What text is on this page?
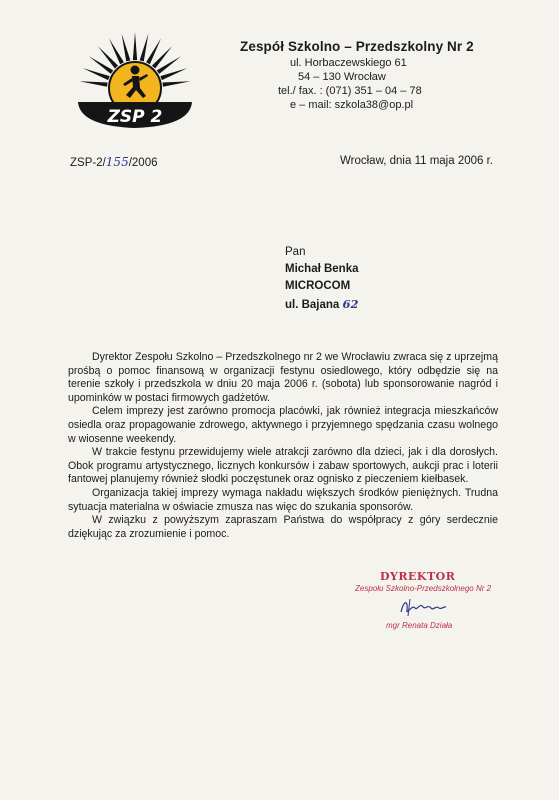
ZSP 2
Zespół Szkolno – Przedszkolny Nr 2
ul. Horbaczewskiego 61
54 – 130 Wrocław
tel./ fax. : (071) 351 – 04 – 78
e – mail: szkola38@op.pl
ZSP-2/155/2006	Wrocław, dnia 11 maja 2006 r.
Pan
Michał Benka
MICROCOM
ul. Bajana 62

Dyrektor Zespołu Szkolno – Przedszkolnego nr 2 we Wrocławiu zwraca się z uprzejmą prośbą o pomoc finansową w organizacji festynu osiedlowego, który odbędzie się na terenie szkoły i przedszkola w dniu 20 maja 2006 r. (sobota) lub sponsorowanie nagród i upominków w postaci firmowych gadżetów.

Celem imprezy jest zarówno promocja placówki, jak również integracja mieszkańców osiedla oraz propagowanie zdrowego, aktywnego i przyjemnego spędzania czasu wolnego w wiosenne weekendy.

W trakcie festynu przewidujemy wiele atrakcji zarówno dla dzieci, jak i dla dorosłych. Obok programu artystycznego, licznych konkursów i zabaw sportowych, aukcji prac i loterii fantowej planujemy również słodki poczęstunek oraz ognisko z pieczeniem kiełbasek.

Organizacja takiej imprezy wymaga nakładu większych środków pieniężnych. Trudna sytuacja materialna w oświacie zmusza nas więc do szukania sponsorów.

W związku z powyższym zapraszam Państwa do współpracy z góry serdecznie dziękując za zrozumienie i pomoc.

DYREKTOR
Zespołu Szkolno-Przedszkolnego Nr 2
mgr Renata Działa
